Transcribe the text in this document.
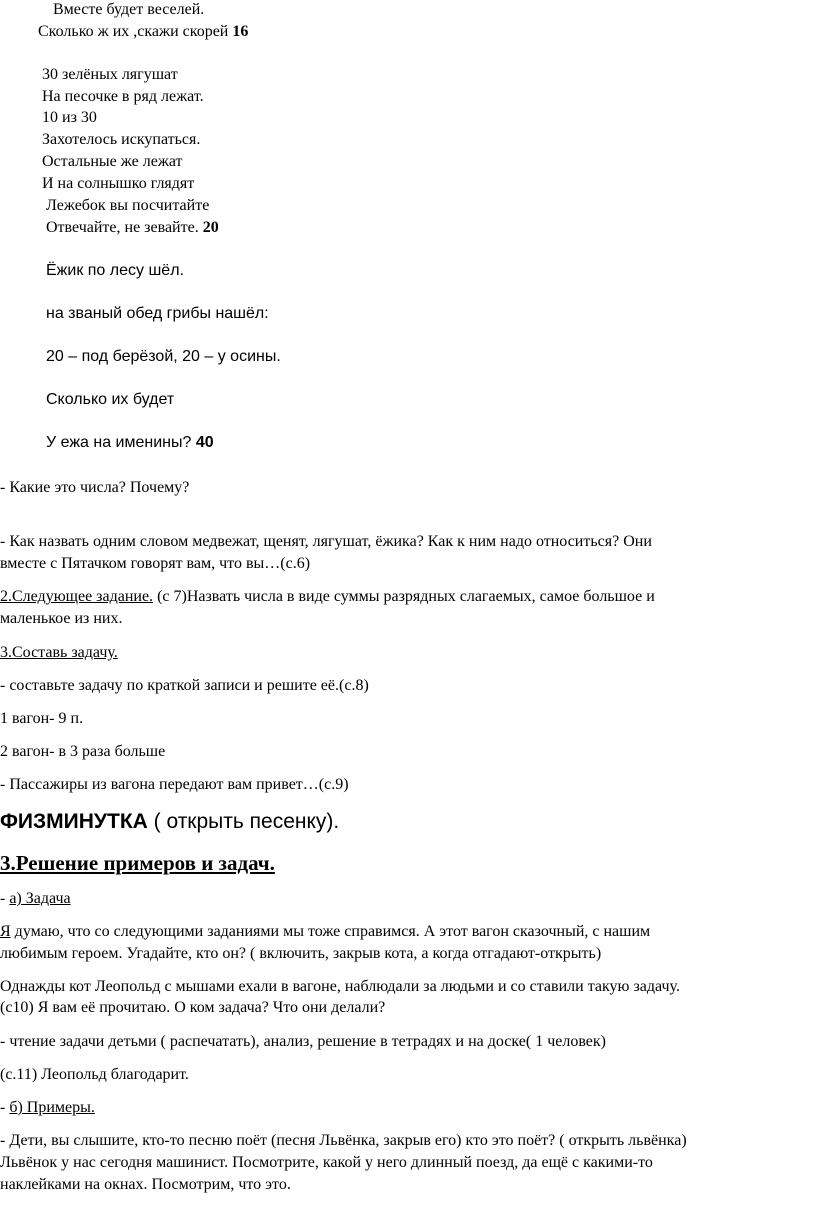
Вместе будет веселей.
Сколько ж их ,скажи скорей 16
30 зелёных лягушат
На песочке в ряд лежат.
10 из 30
Захотелось искупаться.
Остальные же лежат
И на солнышко глядят
Лежебок вы посчитайте
Отвечайте, не зевайте. 20
Ёжик по лесу шёл.
на званый обед грибы нашёл:
20 – под берёзой, 20 – у осины.
Сколько их будет
У ежа на именины? 40
- Какие это числа? Почему?
- Как назвать одним словом медвежат, щенят, лягушат, ёжика? Как к ним надо относиться? Они
вместе с Пятачком говорят вам, что вы…(с.6)
2.Следующее задание. (с 7)Назвать числа в виде суммы разрядных слагаемых, самое большое и
маленькое из них.
3.Составь задачу.
- составьте задачу по краткой записи и решите её.(с.8)
1 вагон- 9 п.
2 вагон- в 3 раза больше
- Пассажиры из вагона передают вам привет…(с.9)
ФИЗМИНУТКА ( открыть песенку).
3.Решение примеров и задач.
- а) Задача
Я думаю, что со следующими заданиями мы тоже справимся. А этот вагон сказочный, с нашим
любимым героем. Угадайте, кто он? ( включить, закрыв кота, а когда отгадают-открыть)
Однажды кот Леопольд с мышами ехали в вагоне, наблюдали за людьми и со ставили такую задачу.
(с10) Я вам её прочитаю. О ком задача? Что они делали?
- чтение задачи детьми ( распечатать), анализ, решение в тетрадях и на доске( 1 человек)
(с.11) Леопольд благодарит.
- б) Примеры.
- Дети, вы слышите, кто-то песню поёт (песня Львёнка, закрыв его) кто это поёт? ( открыть львёнка)
Львёнок у нас сегодня машинист. Посмотрите, какой у него длинный поезд, да ещё с какими-то
наклейками на окнах. Посмотрим, что это.
